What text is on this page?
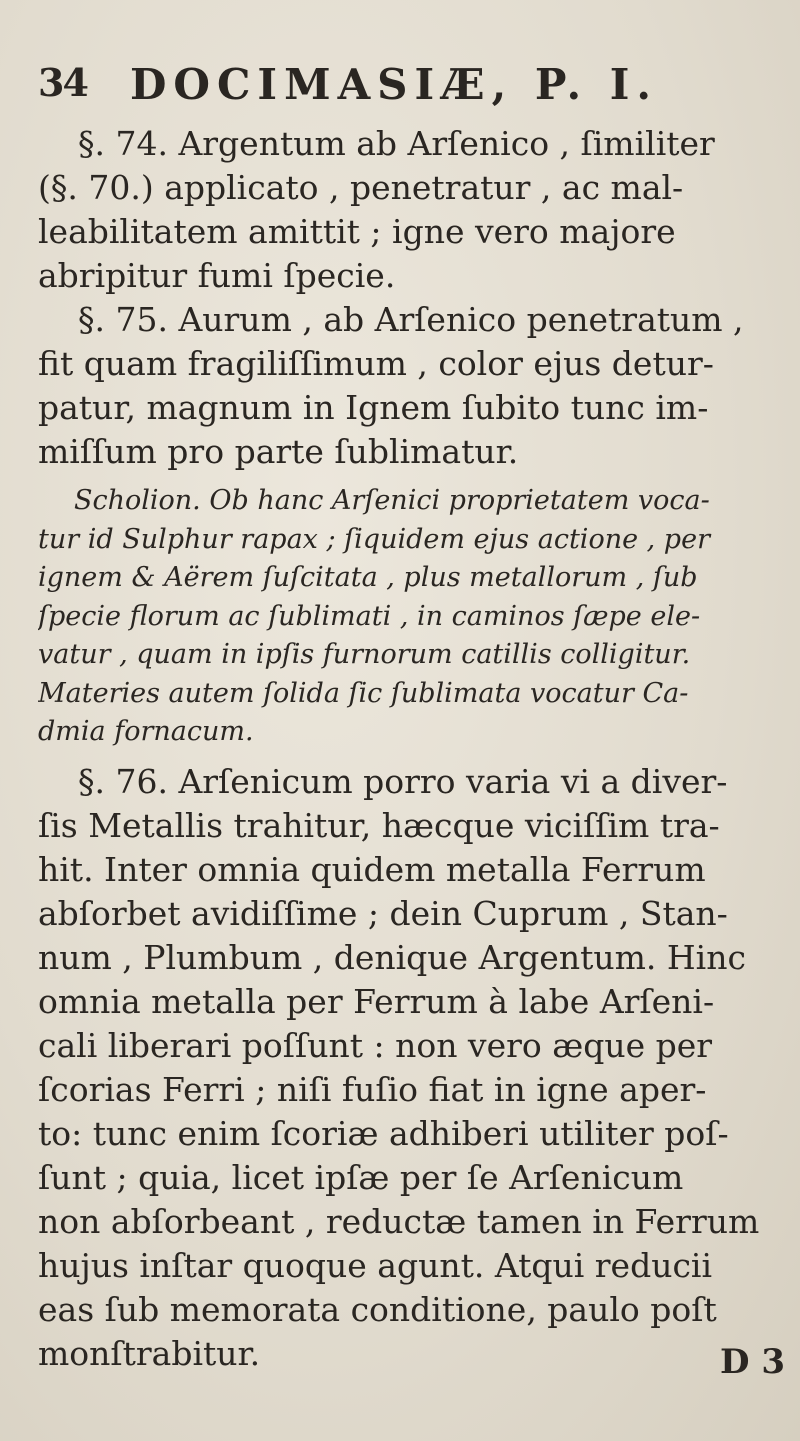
34 DOCIMASIÆ, P. I.
§. 74. Argentum ab Arſenico , ſimiliter
(§. 70.) applicato , penetratur , ac mal-
leabilitatem amittit ; igne vero majore
abripitur fumi ſpecie.
§. 75. Aurum , ab Arſenico penetratum ,
fit quam fragiliſſimum , color ejus detur-
patur, magnum in Ignem ſubito tunc im-
miſſum pro parte ſublimatur.
Scholion. Ob hanc Arſenici proprietatem voca-
tur id Sulphur rapax ; ſiquidem ejus actione , per
ignem & Aërem ſuſcitata , plus metallorum , ſub
ſpecie florum ac ſublimati , in caminos ſæpe ele-
vatur , quam in ipſis furnorum catillis colligitur.
Materies autem ſolida ſic ſublimata vocatur Ca-
dmia fornacum.
§. 76. Arſenicum porro varia vi a diver-
ſis Metallis trahitur, hæcque viciſſim tra-
hit. Inter omnia quidem metalla Ferrum
abſorbet avidiſſime ; dein Cuprum , Stan-
num , Plumbum , denique Argentum. Hinc
omnia metalla per Ferrum à labe Arſeni-
cali liberari poſſunt : non vero æque per
ſcorias Ferri ; niſi fuſio fiat in igne aper-
to: tunc enim ſcoriæ adhiberi utiliter poſ-
ſunt ; quia, licet ipſæ per ſe Arſenicum
non abſorbeant , reductæ tamen in Ferrum
hujus inſtar quoque agunt. Atqui reducii
eas ſub memorata conditione, paulo poſt
monſtrabitur.	D 3
